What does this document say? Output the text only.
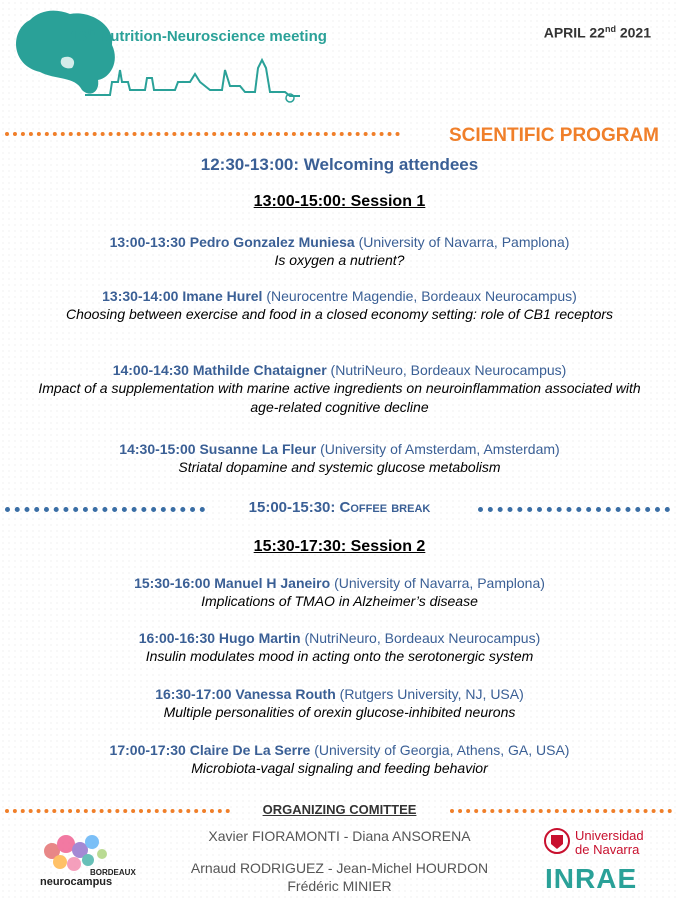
13th Nutrition-Neuroscience meeting	APRIL 22nd 2021
SCIENTIFIC PROGRAM
12:30-13:00: Welcoming attendees
13:00-15:00: Session 1
13:00-13:30 Pedro Gonzalez Muniesa (University of Navarra, Pamplona)
Is oxygen a nutrient?
13:30-14:00 Imane Hurel (Neurocentre Magendie, Bordeaux Neurocampus)
Choosing between exercise and food in a closed economy setting: role of CB1 receptors
14:00-14:30 Mathilde Chataigner (NutriNeuro, Bordeaux Neurocampus)
Impact of a supplementation with marine active ingredients on neuroinflammation associated with age-related cognitive decline
14:30-15:00 Susanne La Fleur (University of Amsterdam, Amsterdam)
Striatal dopamine and systemic glucose metabolism
15:00-15:30: Coffee break
15:30-17:30: Session 2
15:30-16:00 Manuel H Janeiro (University of Navarra, Pamplona)
Implications of TMAO in Alzheimer’s disease
16:00-16:30 Hugo Martin (NutriNeuro, Bordeaux Neurocampus)
Insulin modulates mood in acting onto the serotonergic system
16:30-17:00 Vanessa Routh (Rutgers University, NJ, USA)
Multiple personalities of orexin glucose-inhibited neurons
17:00-17:30 Claire De La Serre (University of Georgia, Athens, GA, USA)
Microbiota-vagal signaling and feeding behavior
ORGANIZING COMITTEE
Xavier FIORAMONTI - Diana ANSORENA
Arnaud RODRIGUEZ - Jean-Michel HOURDON
Frédéric MINIER
BORDEAUX
neurocampus
Universidad
de Navarra
INRAE
